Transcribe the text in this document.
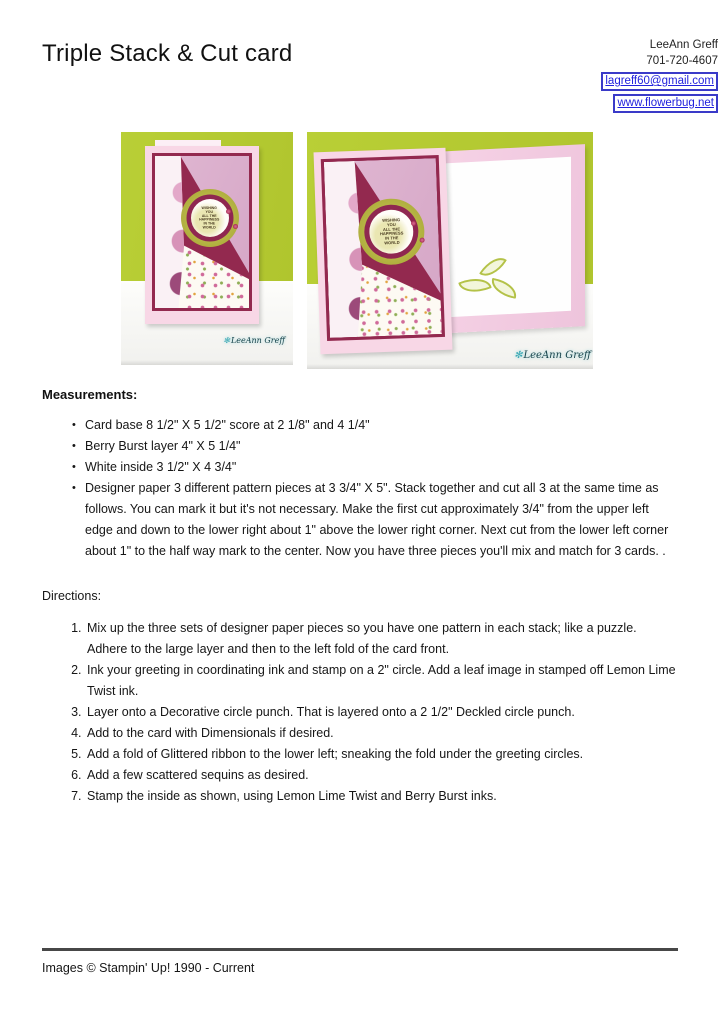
Triple Stack & Cut card	LeeAnn Greff
701-720-4607
lagreff60@gmail.com
www.flowerbug.net
WISHING
YOU
ALL THE
HAPPINESS
IN THE
WORLD
✻LeeAnn Greff
WISHING
YOU
ALL THE
HAPPINESS
IN THE
WORLD
✻LeeAnn Greff
Measurements:
• Card base 8 1/2" X 5 1/2" score at 2 1/8" and 4 1/4"
• Berry Burst layer 4" X 5 1/4"
• White inside 3 1/2" X 4 3/4"
• Designer paper 3 different pattern pieces at 3 3/4" X 5". Stack together and cut all 3 at the same time as follows. You can mark it but it's not necessary. Make the first cut approximately 3/4" from the upper left edge and down to the lower right about 1" above the lower right corner. Next cut from the lower left corner about 1" to the half way mark to the center. Now you have three pieces you'll mix and match for 3 cards. .
Directions:
1. Mix up the three sets of designer paper pieces so you have one pattern in each stack; like a puzzle. Adhere to the large layer and then to the left fold of the card front.
2. Ink your greeting in coordinating ink and stamp on a 2" circle. Add a leaf image in stamped off Lemon Lime Twist ink.
3. Layer onto a Decorative circle punch. That is layered onto a 2 1/2" Deckled circle punch.
4. Add to the card with Dimensionals if desired.
5. Add a fold of Glittered ribbon to the lower left; sneaking the fold under the greeting circles.
6. Add a few scattered sequins as desired.
7. Stamp the inside as shown, using Lemon Lime Twist and Berry Burst inks.
Images © Stampin' Up! 1990 - Current
